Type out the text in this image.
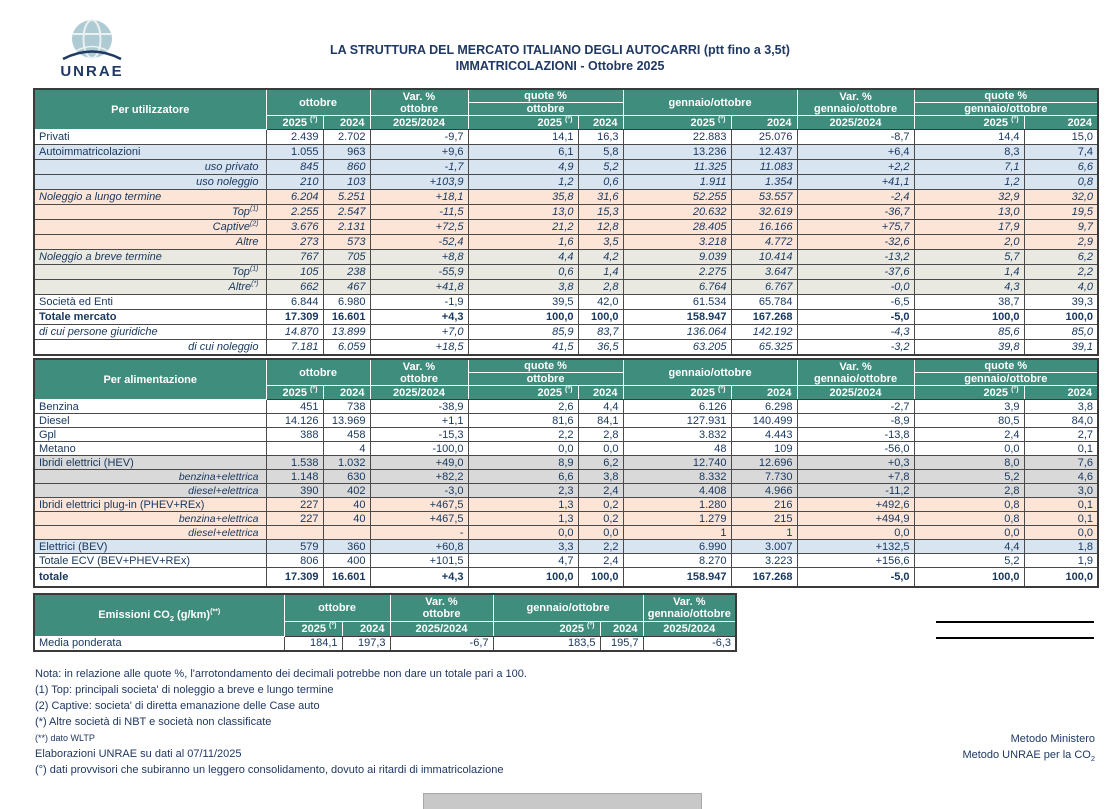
UNRAE
LA STRUTTURA DEL MERCATO ITALIANO DEGLI AUTOCARRI (ptt fino a 3,5t)
IMMATRICOLAZIONI - Ottobre 2025
Per utilizzatore	ottobre	Var. %
ottobre
	quote %	gennaio/ottobre	Var. %
gennaio/ottobre
	quote %
				ottobre					gennaio/ottobre	
	2025 (°)	2024	2025/2024	2025 (°)	2024	2025 (°)	2024	2025/2024	2025 (°)	2024
Privati	2.439	2.702	-9,7	14,1	16,3	22.883	25.076	-8,7	14,4	15,0
Autoimmatricolazioni	1.055	963	+9,6	6,1	5,8	13.236	12.437	+6,4	8,3	7,4
uso privato	845	860	-1,7	4,9	5,2	11.325	11.083	+2,2	7,1	6,6
uso noleggio	210	103	+103,9	1,2	0,6	1.911	1.354	+41,1	1,2	0,8
Noleggio a lungo termine	6.204	5.251	+18,1	35,8	31,6	52.255	53.557	-2,4	32,9	32,0
Top$^{(1)}$	2.255	2.547	-11,5	13,0	15,3	20.632	32.619	-36,7	13,0	19,5
Captive$^{(2)}$	3.676	2.131	+72,5	21,2	12,8	28.405	16.166	+75,7	17,9	9,7
Altre	273	573	-52,4	1,6	3,5	3.218	4.772	-32,6	2,0	2,9
Noleggio a breve termine	767	705	+8,8	4,4	4,2	9.039	10.414	-13,2	5,7	6,2
Top$^{(1)}$	105	238	-55,9	0,6	1,4	2.275	3.647	-37,6	1,4	2,2
Altre(*)	662	467	+41,8	3,8	2,8	6.764	6.767	-0,0	4,3	4,0
Società ed Enti	6.844	6.980	-1,9	39,5	42,0	61.534	65.784	-6,5	38,7	39,3
Totale mercato	17.309	16.601	+4,3	100,0	100,0	158.947	167.268	-5,0	100,0	100,0
di cui persone giuridiche	14.870	13.899	+7,0	85,9	83,7	136.064	142.192	-4,3	85,6	85,0
di cui noleggio	7.181	6.059	+18,5	41,5	36,5	63.205	65.325	-3,2	39,8	39,1
Per alimentazione	ottobre	Var. %
ottobre
	quote %	gennaio/ottobre	Var. %
gennaio/ottobre
	quote %
				ottobre					gennaio/ottobre	
	2025 (°)	2024	2025/2024	2025 (°)	2024	2025 (°)	2024	2025/2024	2025 (°)	2024
Benzina	451	738	-38,9	2,6	4,4	6.126	6.298	-2,7	3,9	3,8
Diesel	14.126	13.969	+1,1	81,6	84,1	127.931	140.499	-8,9	80,5	84,0
Gpl	388	458	-15,3	2,2	2,8	3.832	4.443	-13,8	2,4	2,7
Metano		4	-100,0	0,0	0,0	48	109	-56,0	0,0	0,1
Ibridi elettrici (HEV)	1.538	1.032	+49,0	8,9	6,2	12.740	12.696	+0,3	8,0	7,6
benzina+elettrica	1.148	630	+82,2	6,6	3,8	8.332	7.730	+7,8	5,2	4,6
diesel+elettrica	390	402	-3,0	2,3	2,4	4.408	4.966	-11,2	2,8	3,0
Ibridi elettrici plug-in (PHEV+REx)	227	40	+467,5	1,3	0,2	1.280	216	+492,6	0,8	0,1
benzina+elettrica	227	40	+467,5	1,3	0,2	1.279	215	+494,9	0,8	0,1
diesel+elettrica			-	0,0	0,0	1	1	0,0	0,0	0,0
Elettrici (BEV)	579	360	+60,8	3,3	2,2	6.990	3.007	+132,5	4,4	1,8
Totale ECV (BEV+PHEV+REx)	806	400	+101,5	4,7	2,4	8.270	3.223	+156,6	5,2	1,9
totale	17.309	16.601	+4,3	100,0	100,0	158.947	167.268	-5,0	100,0	100,0
Emissioni $CO_2$ (g/km)(**)	ottobre	Var. %
ottobre	gennaio/ottobre	Var. %
gennaio/ottobre

	2025 (°)	2024	2025/2024	2025 (°)	2024	2025/2024
Media ponderata	184,1	197,3	-6,7	183,5	195,7	-6,3
Nota: in relazione alle quote %, l'arrotondamento dei decimali potrebbe non dare un totale pari a 100.
(1) Top: principali societa' di noleggio a breve e lungo termine
(2) Captive: societa' di diretta emanazione delle Case auto
(*) Altre società di NBT e società non classificate
(**) dato WLTP
Elaborazioni UNRAE su dati al 07/11/2025
(°) dati provvisori che subiranno un leggero consolidamento, dovuto ai ritardi di immatricolazione
Metodo Ministero
Metodo UNRAE per la $CO_2$
